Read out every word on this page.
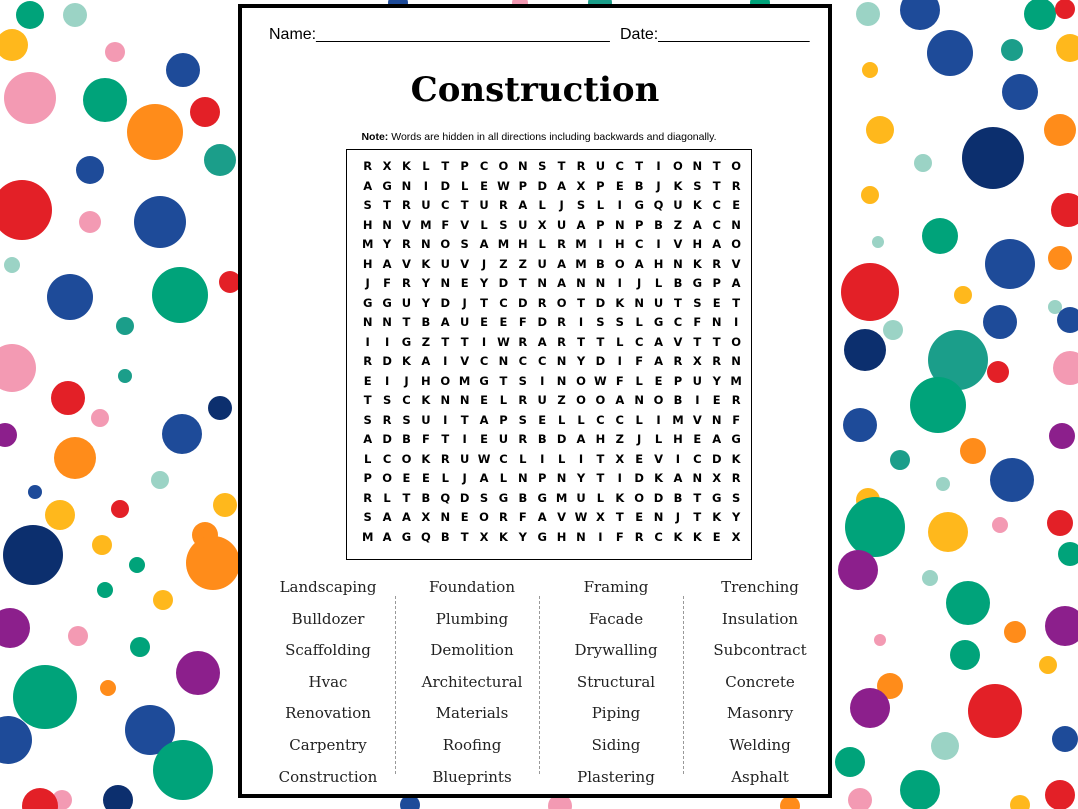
Name:_________________________________ Date:_________________
Construction
Note: Words are hidden in all directions including backwards and diagonally.
R X K L	T P C O N S T R U C T	I	O N T O
A G N	I	D L	E W P D A X P E B	J	K S T R
S T R U C T U R A L	J	S	L	I	G Q U K C E
H N V M F V L	S U X U A P N P B Z A C N
M Y R N O S A M H L R M	I	H C	I	V H A O
H A V K U V	J	Z Z U A M B O A H N K R V
J	F R Y N E Y D T N A N N	I	J	L B G P A
G G U Y D	J	T C D R O T D K N U T S E	T
N N T B A U E	E	F D R	I	S S	L G C F N	I
I	I	G Z T	T	I W R A R T	T	L	C A V T	T O
R D K A	I	V C N C C N Y D	I	F A R X R N
E	I	J	H O M G T S	I	N O W F	L	E P U Y M
T S C K N N E	L R U Z O O A N O B	I	E R
S R S U	I	T A P S E	L	L	C C	L	I	M V N F
A D B F	T	I	E U R B D A H Z	J	L H E A G
L	C O K R U W C	L	I	L	I	T X E V	I	C D K
P O E	E	L	J	A L N P N Y T	I	D K A N X R
R L	T B Q D S G B G M U L K O D B T G S
S A A X N E O R F A V W X T	E N	J	T K Y
M A G Q B T X K Y G H N	I	F R C K K E X
Landscaping
Bulldozer
Scaffolding
Hvac
Renovation
Carpentry
Construction
Foundation
Plumbing
Demolition
Architectural
Materials
Roofing
Blueprints
Framing
Facade
Drywalling
Structural
Piping
Siding
Plastering
Trenching
Insulation
Subcontract
Concrete
Masonry
Welding
Asphalt
